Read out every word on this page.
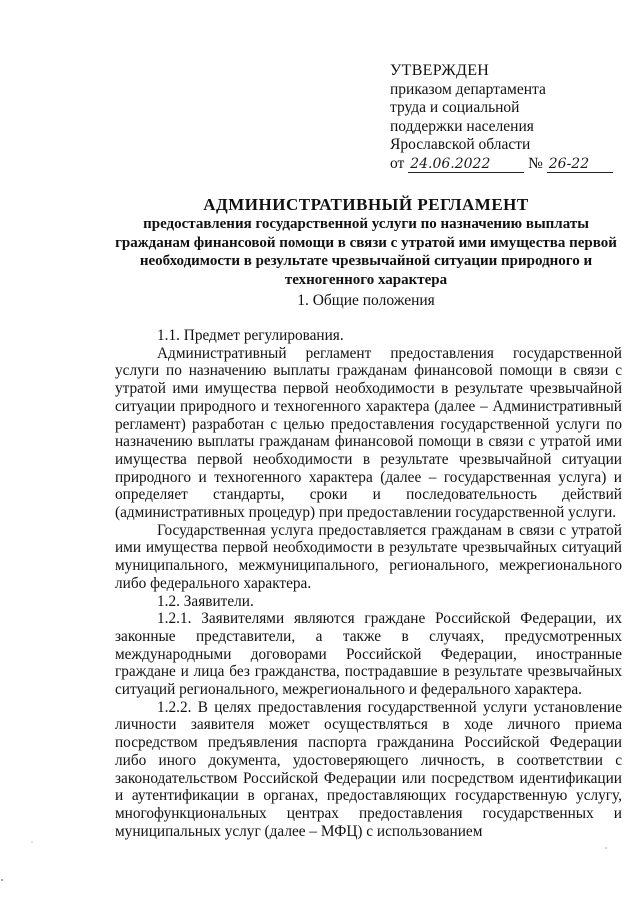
УТВЕРЖДЕН
приказом департамента
труда и социальной
поддержки населения
Ярославской области
от 24.06.2022 № 26-22
АДМИНИСТРАТИВНЫЙ РЕГЛАМЕНТ
предоставления государственной услуги по назначению выплаты гражданам финансовой помощи в связи с утратой ими имущества первой необходимости в результате чрезвычайной ситуации природного и техногенного характера
1. Общие положения

1.1. Предмет регулирования.

Административный регламент предоставления государственной услуги по назначению выплаты гражданам финансовой помощи в связи с утратой ими имущества первой необходимости в результате чрезвычайной ситуации природного и техногенного характера (далее – Административный регламент) разработан с целью предоставления государственной услуги по назначению выплаты гражданам финансовой помощи в связи с утратой ими имущества первой необходимости в результате чрезвычайной ситуации природного и техногенного характера (далее – государственная услуга) и определяет стандарты, сроки и последовательность действий (административных процедур) при предоставлении государственной услуги.

Государственная услуга предоставляется гражданам в связи с утратой ими имущества первой необходимости в результате чрезвычайных ситуаций муниципального, межмуниципального, регионального, межрегионального либо федерального характера.

1.2. Заявители.

1.2.1. Заявителями являются граждане Российской Федерации, их законные представители, а также в случаях, предусмотренных международными договорами Российской Федерации, иностранные граждане и лица без гражданства, пострадавшие в результате чрезвычайных ситуаций регионального, межрегионального и федерального характера.

1.2.2. В целях предоставления государственной услуги установление личности заявителя может осуществляться в ходе личного приема посредством предъявления паспорта гражданина Российской Федерации либо иного документа, удостоверяющего личность, в соответствии с законодательством Российской Федерации или посредством идентификации и аутентификации в органах, предоставляющих государственную услугу, многофункциональных центрах предоставления государственных и муниципальных услуг (далее – МФЦ) с использованием
